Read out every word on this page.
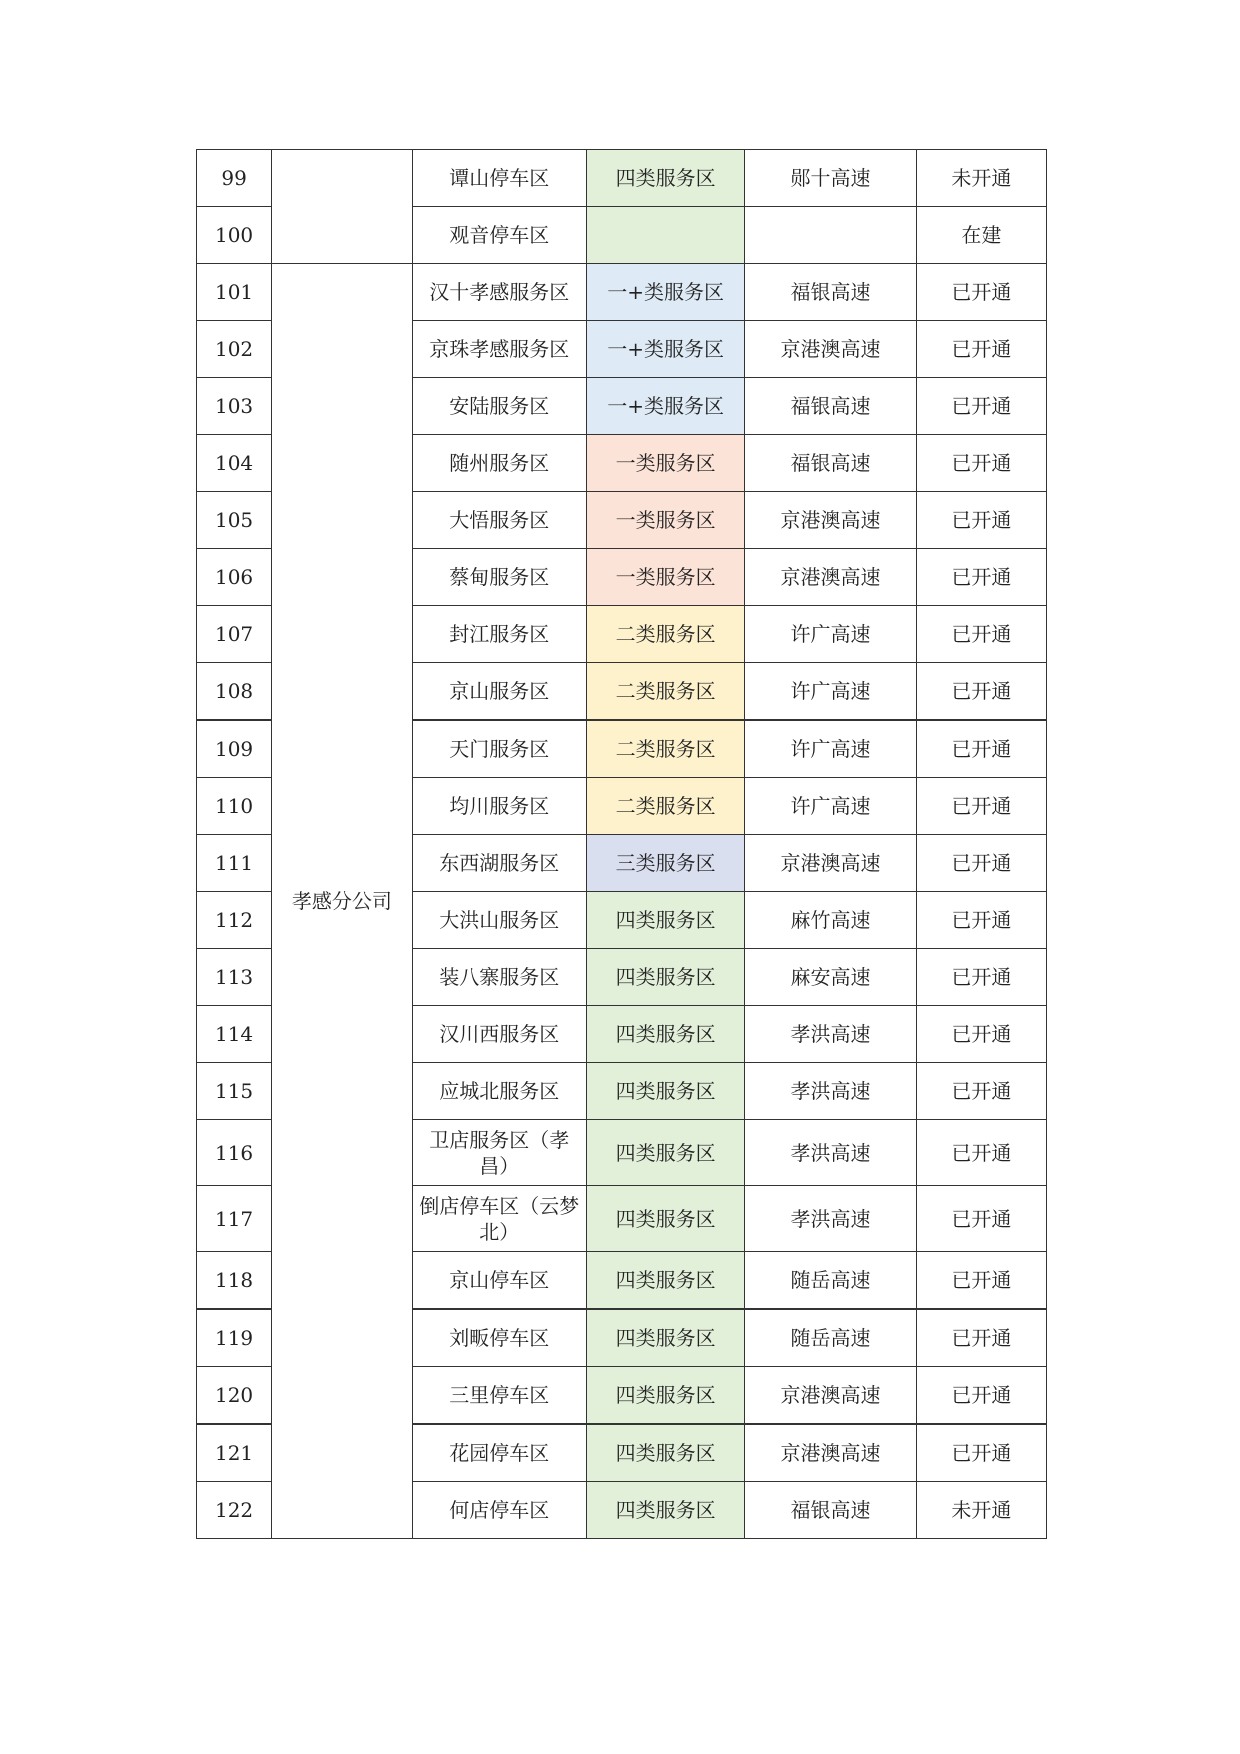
99		谭山停车区	四类服务区	郧十高速	未开通
100		观音停车区			在建
101	孝感分公司	汉十孝感服务区	一+类服务区	福银高速	已开通
102		京珠孝感服务区	一+类服务区	京港澳高速	已开通
103		安陆服务区	一+类服务区	福银高速	已开通
104		随州服务区	一类服务区	福银高速	已开通
105		大悟服务区	一类服务区	京港澳高速	已开通
106		蔡甸服务区	一类服务区	京港澳高速	已开通
107		封江服务区	二类服务区	许广高速	已开通
108		京山服务区	二类服务区	许广高速	已开通
109		天门服务区	二类服务区	许广高速	已开通
110		均川服务区	二类服务区	许广高速	已开通
111		东西湖服务区	三类服务区	京港澳高速	已开通
112		大洪山服务区	四类服务区	麻竹高速	已开通
113		装八寨服务区	四类服务区	麻安高速	已开通
114		汉川西服务区	四类服务区	孝洪高速	已开通
115		应城北服务区	四类服务区	孝洪高速	已开通
116		卫店服务区（孝昌）	四类服务区	孝洪高速	已开通
117		倒店停车区（云梦北）	四类服务区	孝洪高速	已开通
118		京山停车区	四类服务区	随岳高速	已开通
119		刘畈停车区	四类服务区	随岳高速	已开通
120		三里停车区	四类服务区	京港澳高速	已开通
121		花园停车区	四类服务区	京港澳高速	已开通
122		何店停车区	四类服务区	福银高速	未开通
